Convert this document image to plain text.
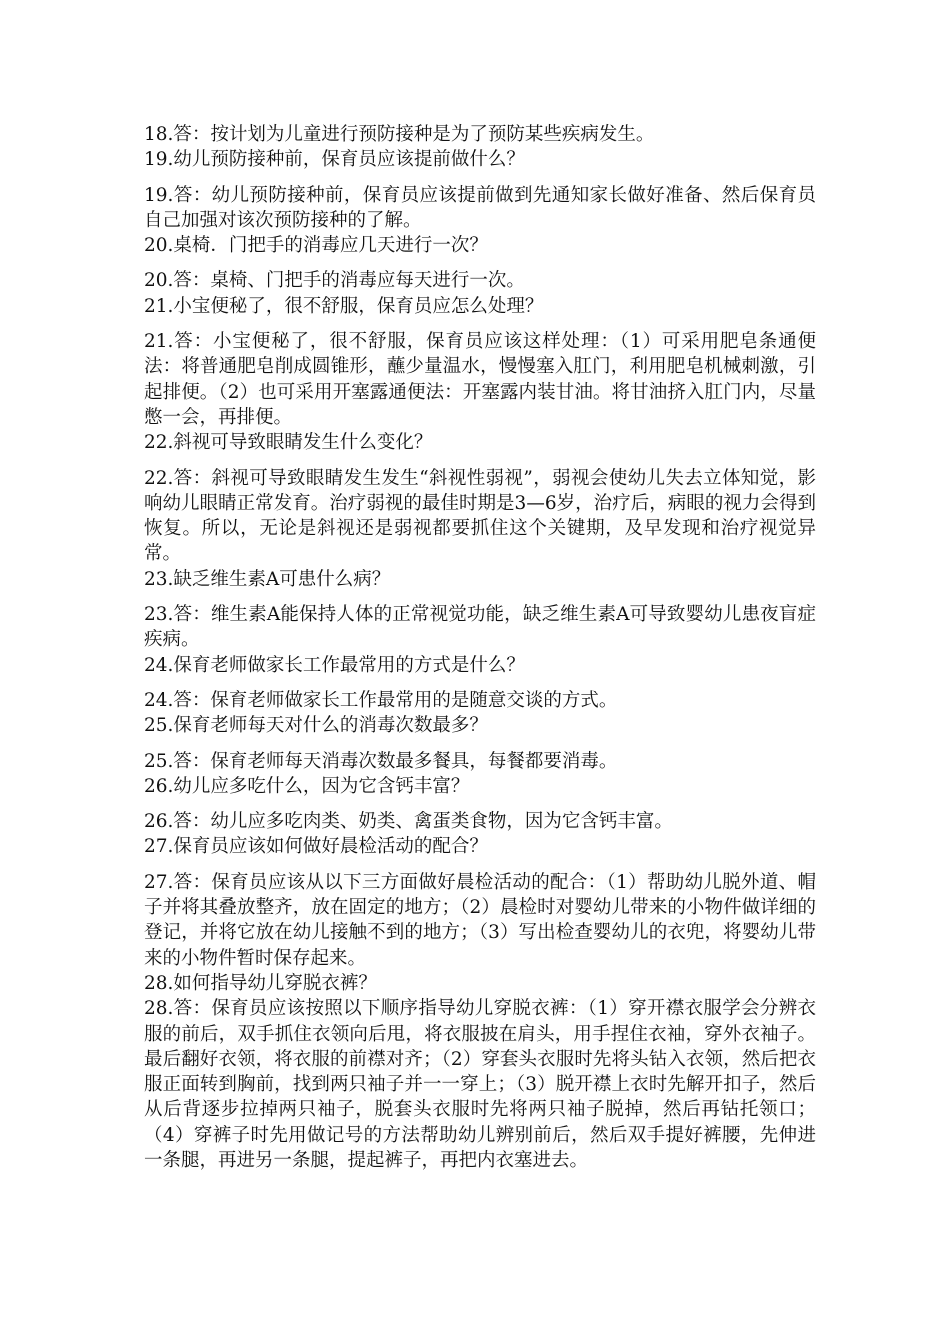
18.答：按计划为儿童进行预防接种是为了预防某些疾病发生。

19.幼儿预防接种前，保育员应该提前做什么？

19.答：幼儿预防接种前，保育员应该提前做到先通知家长做好准备、然后保育员自己加强对该次预防接种的了解。

20.桌椅．门把手的消毒应几天进行一次？

20.答：桌椅、门把手的消毒应每天进行一次。

21.小宝便秘了，很不舒服，保育员应怎么处理？

21.答：小宝便秘了，很不舒服，保育员应该这样处理：（1）可采用肥皂条通便法：将普通肥皂削成圆锥形，蘸少量温水，慢慢塞入肛门，利用肥皂机械刺激，引起排便。（2）也可采用开塞露通便法：开塞露内装甘油。将甘油挤入肛门内，尽量憋一会，再排便。

22.斜视可导致眼睛发生什么变化？

22.答：斜视可导致眼睛发生发生“斜视性弱视”，弱视会使幼儿失去立体知觉，影响幼儿眼睛正常发育。治疗弱视的最佳时期是3—6岁，治疗后，病眼的视力会得到恢复。所以，无论是斜视还是弱视都要抓住这个关键期，及早发现和治疗视觉异常。

23.缺乏维生素A可患什么病？

23.答：维生素A能保持人体的正常视觉功能，缺乏维生素A可导致婴幼儿患夜盲症疾病。

24.保育老师做家长工作最常用的方式是什么？

24.答：保育老师做家长工作最常用的是随意交谈的方式。

25.保育老师每天对什么的消毒次数最多？

25.答：保育老师每天消毒次数最多餐具，每餐都要消毒。

26.幼儿应多吃什么，因为它含钙丰富？

26.答：幼儿应多吃肉类、奶类、禽蛋类食物，因为它含钙丰富。

27.保育员应该如何做好晨检活动的配合？

27.答：保育员应该从以下三方面做好晨检活动的配合：（1）帮助幼儿脱外道、帽子并将其叠放整齐，放在固定的地方；（2）晨检时对婴幼儿带来的小物件做详细的登记，并将它放在幼儿接触不到的地方；（3）写出检查婴幼儿的衣兜，将婴幼儿带来的小物件暂时保存起来。

28.如何指导幼儿穿脱衣裤？

28.答：保育员应该按照以下顺序指导幼儿穿脱衣裤：（1）穿开襟衣服学会分辨衣服的前后，双手抓住衣领向后甩，将衣服披在肩头，用手捏住衣袖，穿外衣袖子。最后翻好衣领，将衣服的前襟对齐；（2）穿套头衣服时先将头钻入衣领，然后把衣服正面转到胸前，找到两只袖子并一一穿上；（3）脱开襟上衣时先解开扣子，然后从后背逐步拉掉两只袖子，脱套头衣服时先将两只袖子脱掉，然后再钻托领口；（4）穿裤子时先用做记号的方法帮助幼儿辨别前后，然后双手提好裤腰，先伸进一条腿，再进另一条腿，提起裤子，再把内衣塞进去。
